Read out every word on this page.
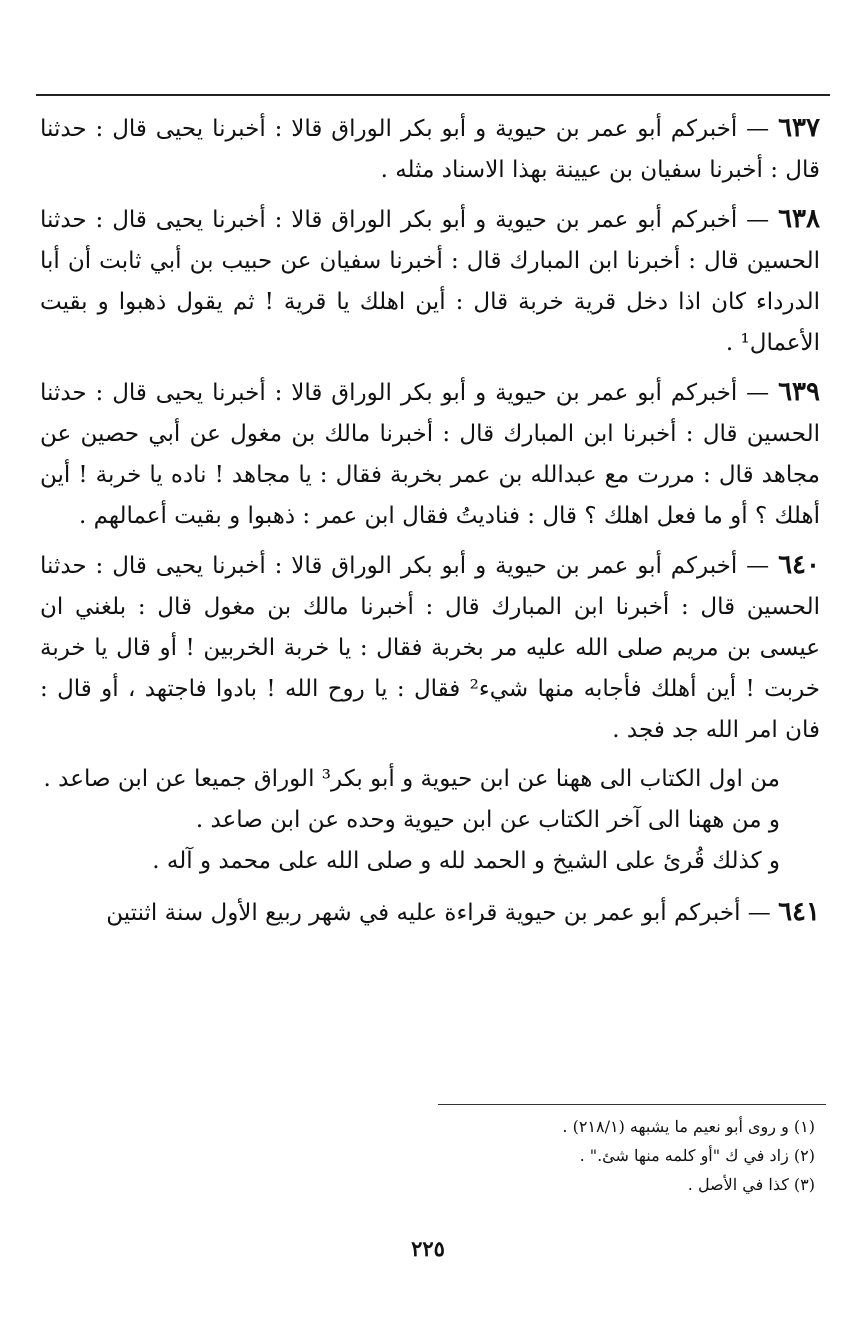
٦٣٧ — أخبركم أبو عمر بن حيوية و أبو بكر الوراق قالا : أخبرنا يحيى قال : حدثنا قال : أخبرنا سفيان بن عيينة بهذا الاسناد مثله .

٦٣٨ — أخبركم أبو عمر بن حيوية و أبو بكر الوراق قالا : أخبرنا يحيى قال : حدثنا الحسين قال : أخبرنا ابن المبارك قال : أخبرنا سفيان عن حبيب بن أبي ثابت أن أبا الدرداء كان اذا دخل قرية خربة قال : أين اهلك يا قرية ! ثم يقول ذهبوا و بقيت الأعمال¹ .

٦٣٩ — أخبركم أبو عمر بن حيوية و أبو بكر الوراق قالا : أخبرنا يحيى قال : حدثنا الحسين قال : أخبرنا ابن المبارك قال : أخبرنا مالك بن مغول عن أبي حصين عن مجاهد قال : مررت مع عبدالله بن عمر بخربة فقال : يا مجاهد ! ناده يا خربة ! أين أهلك ؟ أو ما فعل اهلك ؟ قال : فناديتُ فقال ابن عمر : ذهبوا و بقيت أعمالهم .

٦٤٠ — أخبركم أبو عمر بن حيوية و أبو بكر الوراق قالا : أخبرنا يحيى قال : حدثنا الحسين قال : أخبرنا ابن المبارك قال : أخبرنا مالك بن مغول قال : بلغني ان عيسى بن مريم صلى الله عليه مر بخربة فقال : يا خربة الخربين ! أو قال يا خربة خربت ! أين أهلك فأجابه منها شيء² فقال : يا روح الله ! بادوا فاجتهد ، أو قال : فان امر الله جد فجد .

من اول الكتاب الى ههنا عن ابن حيوية و أبو بكر³ الوراق جميعا عن ابن صاعد .

و من ههنا الى آخر الكتاب عن ابن حيوية وحده عن ابن صاعد .

و كذلك قُرئ على الشيخ و الحمد لله و صلى الله على محمد و آله .

٦٤١ — أخبركم أبو عمر بن حيوية قراءة عليه في شهر ربيع الأول سنة اثنتين

(١) و روى أبو نعيم ما يشبهه (٢١٨/١) .

(٢) زاد في ك "أو كلمه منها شئ." .

(٣) كذا في الأصل .

٢٢٥
